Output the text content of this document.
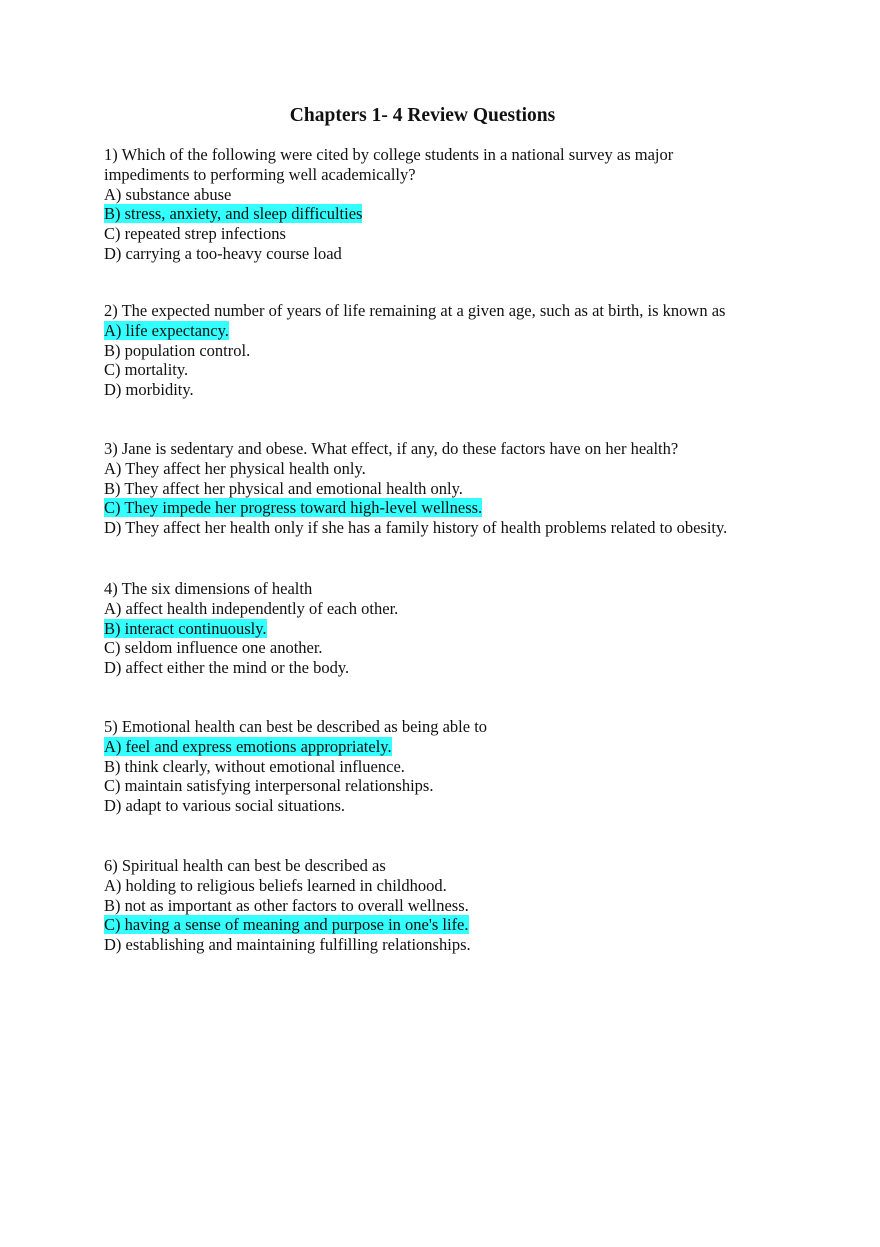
Chapters 1- 4 Review Questions
1) Which of the following were cited by college students in a national survey as major
impediments to performing well academically?
A) substance abuse
B) stress, anxiety, and sleep difficulties
C) repeated strep infections
D) carrying a too-heavy course load
2) The expected number of years of life remaining at a given age, such as at birth, is known as
A) life expectancy.
B) population control.
C) mortality.
D) morbidity.
3) Jane is sedentary and obese. What effect, if any, do these factors have on her health?
A) They affect her physical health only.
B) They affect her physical and emotional health only.
C) They impede her progress toward high-level wellness.
D) They affect her health only if she has a family history of health problems related to obesity.
4) The six dimensions of health
A) affect health independently of each other.
B) interact continuously.
C) seldom influence one another.
D) affect either the mind or the body.
5) Emotional health can best be described as being able to
A) feel and express emotions appropriately.
B) think clearly, without emotional influence.
C) maintain satisfying interpersonal relationships.
D) adapt to various social situations.
6) Spiritual health can best be described as
A) holding to religious beliefs learned in childhood.
B) not as important as other factors to overall wellness.
C) having a sense of meaning and purpose in one's life.
D) establishing and maintaining fulfilling relationships.
